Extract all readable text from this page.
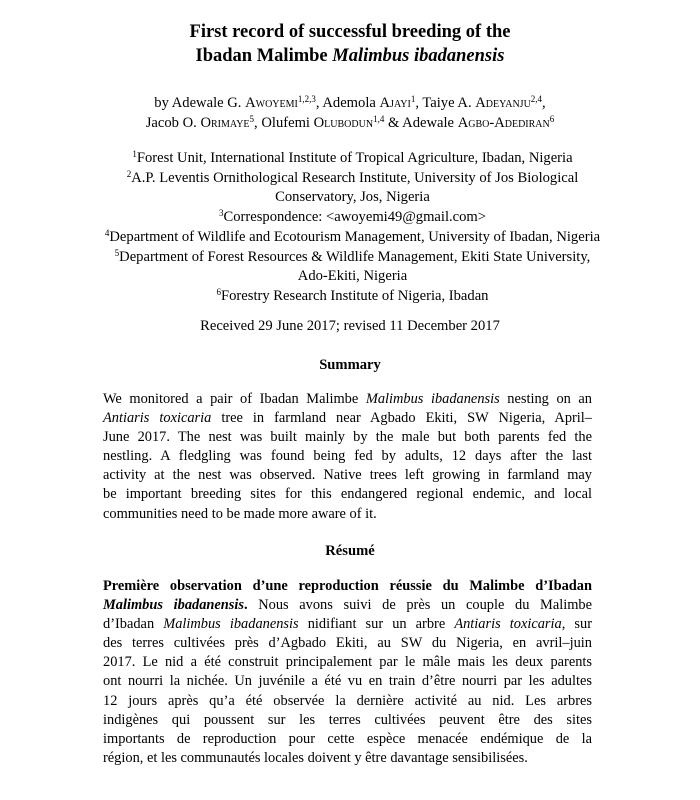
First record of successful breeding of the
Ibadan Malimbe Malimbus ibadanensis
by Adewale G. Awoyemi$^{1,2,3}$, Ademola Ajayi$^1$, Taiye A. Adeyanju$^{2,4}$,
Jacob O. Orimaye$^5$, Olufemi Olubodun$^{1,4}$ & Adewale Agbo-Adediran$^6$
$^1$Forest Unit, International Institute of Tropical Agriculture, Ibadan, Nigeria
$^2$A.P. Leventis Ornithological Research Institute, University of Jos Biological
Conservatory, Jos, Nigeria
$^3$Correspondence: <awoyemi49@gmail.com>
$^4$Department of Wildlife and Ecotourism Management, University of Ibadan, Nigeria
$^5$Department of Forest Resources & Wildlife Management, Ekiti State University,
Ado-Ekiti, Nigeria
$^6$Forestry Research Institute of Nigeria, Ibadan
Received 29 June 2017; revised 11 December 2017
Summary
We monitored a pair of Ibadan Malimbe Malimbus ibadanensis nesting on an
Antiaris toxicaria tree in farmland near Agbado Ekiti, SW Nigeria, April–
June 2017. The nest was built mainly by the male but both parents fed the
nestling. A fledgling was found being fed by adults, 12 days after the last
activity at the nest was observed. Native trees left growing in farmland may
be important breeding sites for this endangered regional endemic, and local
communities need to be made more aware of it.
Résumé
Première observation d’une reproduction réussie du Malimbe d’Ibadan
Malimbus ibadanensis. Nous avons suivi de près un couple du Malimbe
d’Ibadan Malimbus ibadanensis nidifiant sur un arbre Antiaris toxicaria, sur
des terres cultivées près d’Agbado Ekiti, au SW du Nigeria, en avril–juin
2017. Le nid a été construit principalement par le mâle mais les deux parents
ont nourri la nichée. Un juvénile a été vu en train d’être nourri par les adultes
12 jours après qu’a été observée la dernière activité au nid. Les arbres
indigènes qui poussent sur les terres cultivées peuvent être des sites
importants de reproduction pour cette espèce menacée endémique de la
région, et les communautés locales doivent y être davantage sensibilisées.
